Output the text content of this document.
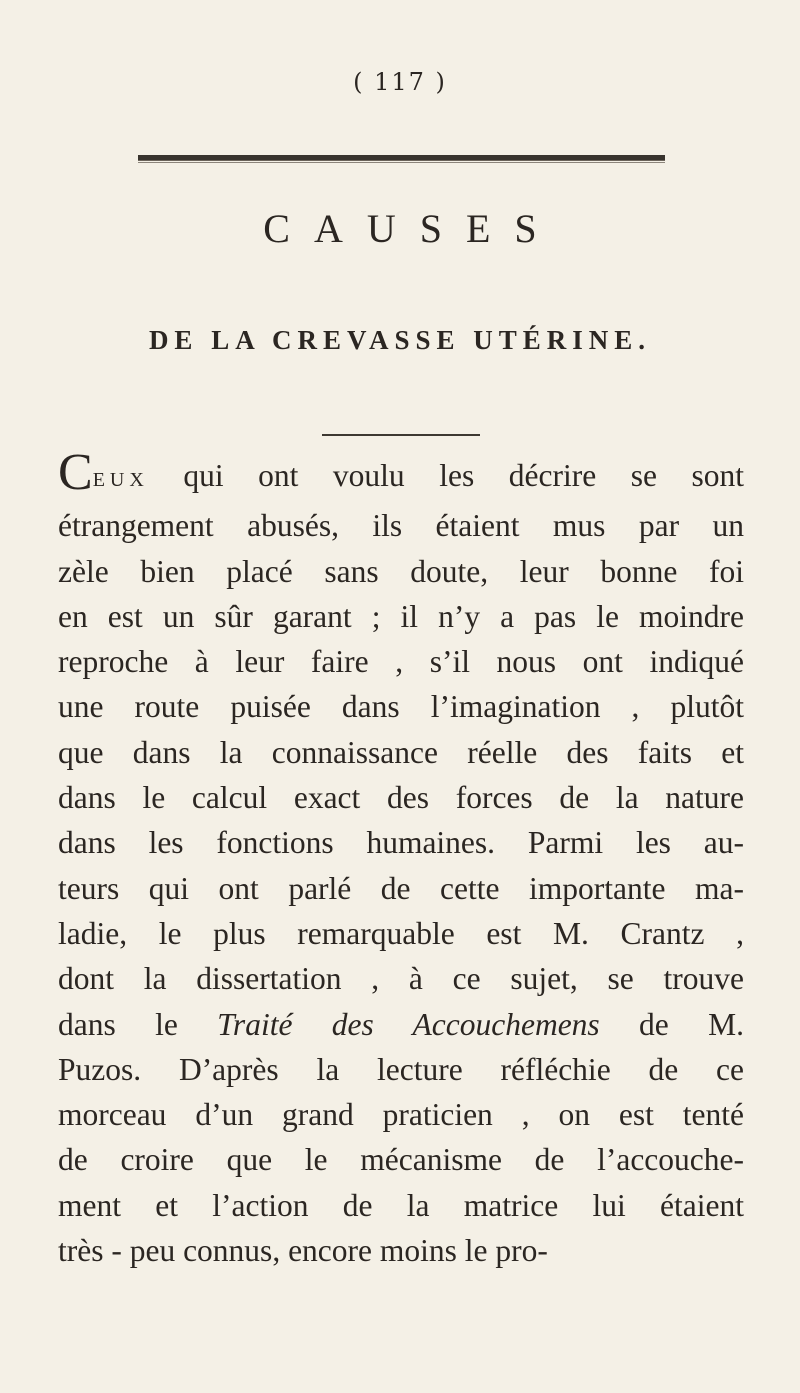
( 117 )
CAUSES
DE LA CREVASSE UTÉRINE.
CEUX qui ont voulu les décrire se sont
étrangement abusés, ils étaient mus par un
zèle bien placé sans doute, leur bonne foi
en est un sûr garant ; il n’y a pas le moindre
reproche à leur faire , s’il nous ont indiqué
une route puisée dans l’imagination , plutôt
que dans la connaissance réelle des faits et
dans le calcul exact des forces de la nature
dans les fonctions humaines. Parmi les au-
teurs qui ont parlé de cette importante ma-
ladie, le plus remarquable est M. Crantz ,
dont la dissertation , à ce sujet, se trouve
dans le Traité des Accouchemens de M.
Puzos. D’après la lecture réfléchie de ce
morceau d’un grand praticien , on est tenté
de croire que le mécanisme de l’accouche-
ment et l’action de la matrice lui étaient
très - peu connus, encore moins le pro-
